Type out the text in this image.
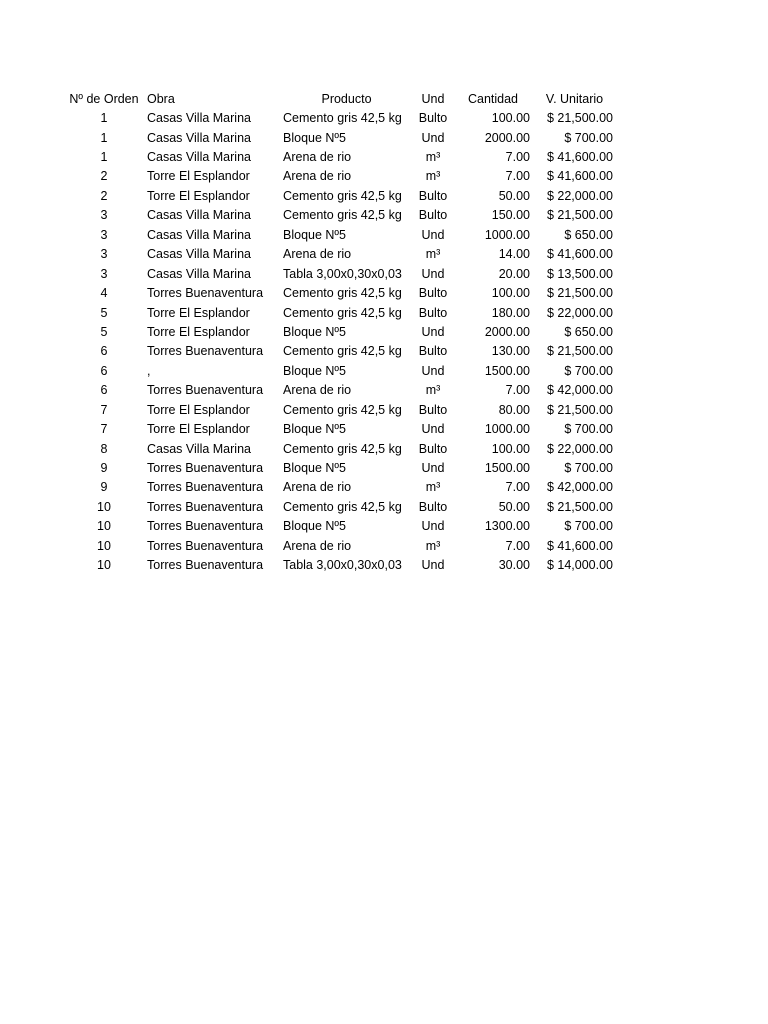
Nº de Orden	Obra	Producto	Und	Cantidad	V. Unitario
1	Casas Villa Marina	Cemento gris 42,5 kg	Bulto	100.00	$ 21,500.00
1	Casas Villa Marina	Bloque Nº5	Und	2000.00	$ 700.00
1	Casas Villa Marina	Arena de rio	m³	7.00	$ 41,600.00
2	Torre El Esplandor	Arena de rio	m³	7.00	$ 41,600.00
2	Torre El Esplandor	Cemento gris 42,5 kg	Bulto	50.00	$ 22,000.00
3	Casas Villa Marina	Cemento gris 42,5 kg	Bulto	150.00	$ 21,500.00
3	Casas Villa Marina	Bloque Nº5	Und	1000.00	$ 650.00
3	Casas Villa Marina	Arena de rio	m³	14.00	$ 41,600.00
3	Casas Villa Marina	Tabla 3,00x0,30x0,03	Und	20.00	$ 13,500.00
4	Torres Buenaventura	Cemento gris 42,5 kg	Bulto	100.00	$ 21,500.00
5	Torre El Esplandor	Cemento gris 42,5 kg	Bulto	180.00	$ 22,000.00
5	Torre El Esplandor	Bloque Nº5	Und	2000.00	$ 650.00
6	Torres Buenaventura	Cemento gris 42,5 kg	Bulto	130.00	$ 21,500.00
6	,	Bloque Nº5	Und	1500.00	$ 700.00
6	Torres Buenaventura	Arena de rio	m³	7.00	$ 42,000.00
7	Torre El Esplandor	Cemento gris 42,5 kg	Bulto	80.00	$ 21,500.00
7	Torre El Esplandor	Bloque Nº5	Und	1000.00	$ 700.00
8	Casas Villa Marina	Cemento gris 42,5 kg	Bulto	100.00	$ 22,000.00
9	Torres Buenaventura	Bloque Nº5	Und	1500.00	$ 700.00
9	Torres Buenaventura	Arena de rio	m³	7.00	$ 42,000.00
10	Torres Buenaventura	Cemento gris 42,5 kg	Bulto	50.00	$ 21,500.00
10	Torres Buenaventura	Bloque Nº5	Und	1300.00	$ 700.00
10	Torres Buenaventura	Arena de rio	m³	7.00	$ 41,600.00
10	Torres Buenaventura	Tabla 3,00x0,30x0,03	Und	30.00	$ 14,000.00
